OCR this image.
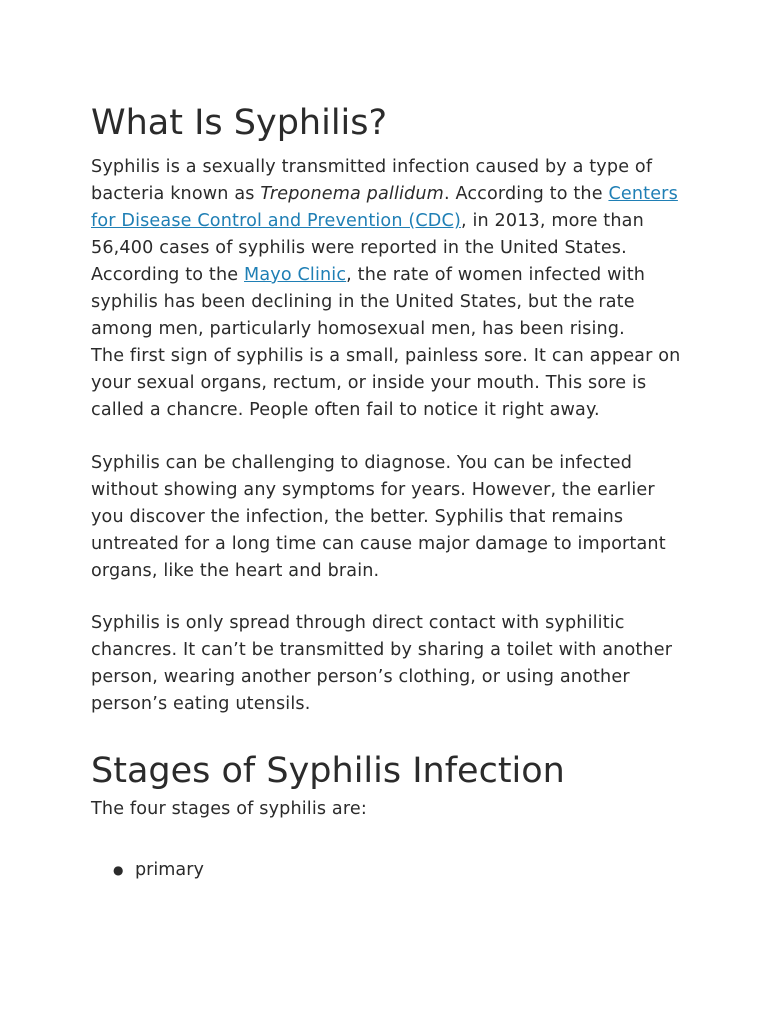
What Is Syphilis?

Syphilis is a sexually transmitted infection caused by a type of bacteria known as Treponema pallidum. According to the Centers for Disease Control and Prevention (CDC), in 2013, more than 56,400 cases of syphilis were reported in the United States. According to the Mayo Clinic, the rate of women infected with syphilis has been declining in the United States, but the rate among men, particularly homosexual men, has been rising.

The first sign of syphilis is a small, painless sore. It can appear on your sexual organs, rectum, or inside your mouth. This sore is called a chancre. People often fail to notice it right away.

Syphilis can be challenging to diagnose. You can be infected without showing any symptoms for years. However, the earlier you discover the infection, the better. Syphilis that remains untreated for a long time can cause major damage to important organs, like the heart and brain.

Syphilis is only spread through direct contact with syphilitic chancres. It can’t be transmitted by sharing a toilet with another person, wearing another person’s clothing, or using another person’s eating utensils.

Stages of Syphilis Infection

The four stages of syphilis are:

● primary
